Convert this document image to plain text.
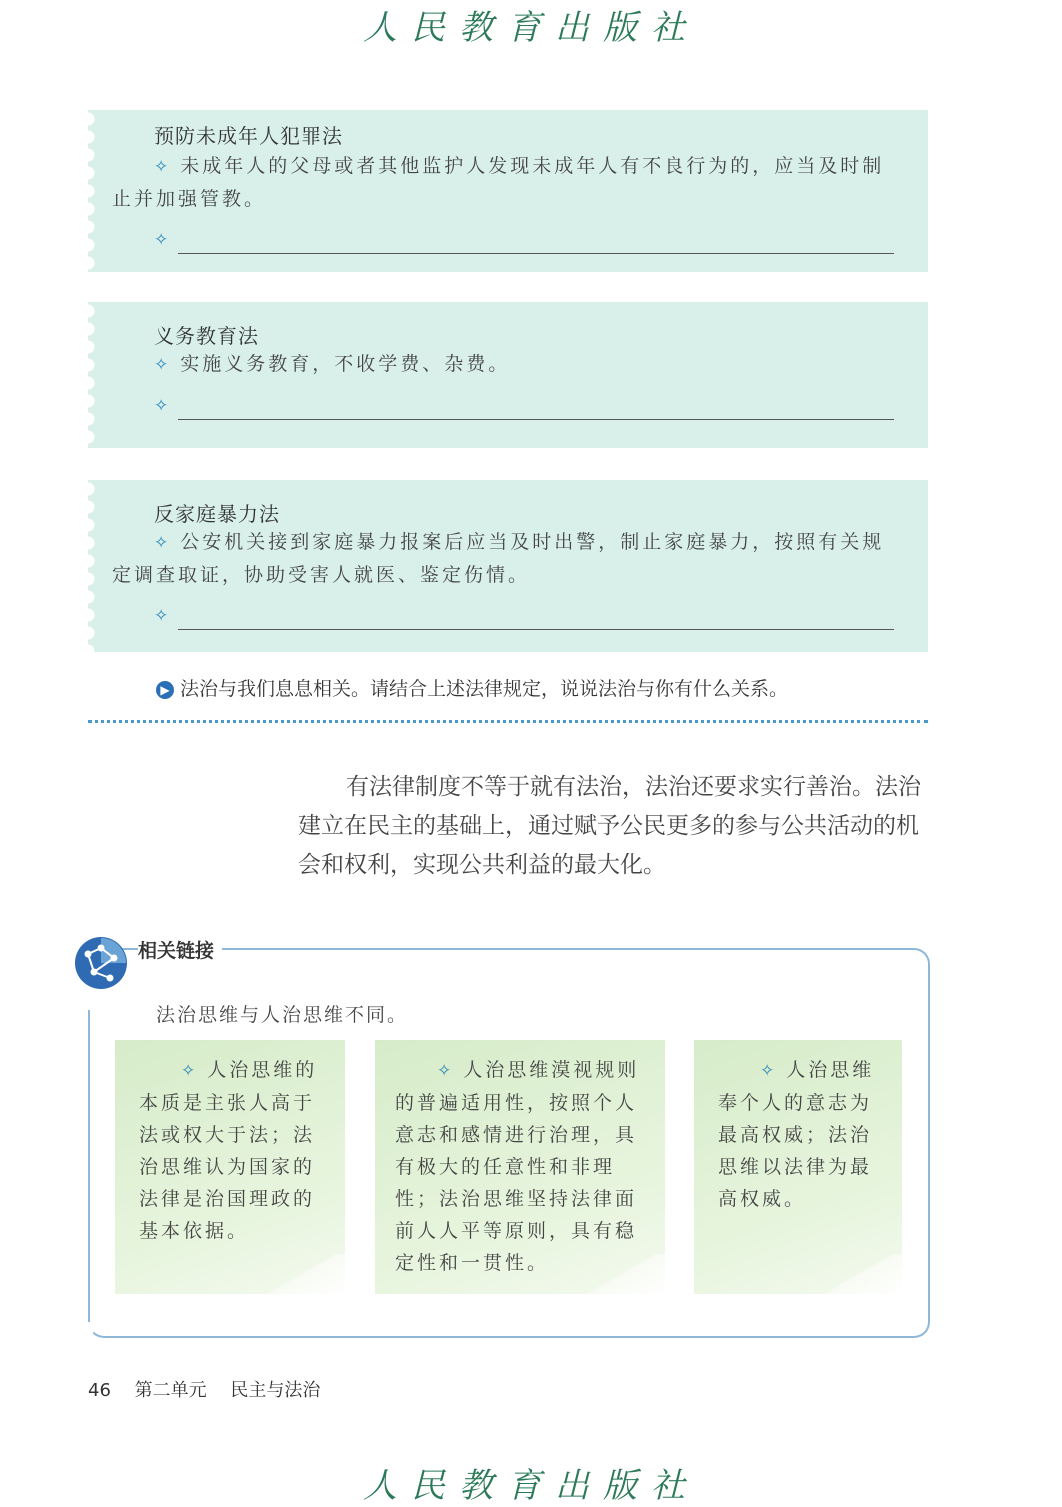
人民教育出版社
预防未成年人犯罪法
✧ 未成年人的父母或者其他监护人发现未成年人有不良行为的，应当及时制止并加强管教。
✧
义务教育法
✧ 实施义务教育，不收学费、杂费。
✧
反家庭暴力法
✧ 公安机关接到家庭暴力报案后应当及时出警，制止家庭暴力，按照有关规定调查取证，协助受害人就医、鉴定伤情。
✧
▶ 法治与我们息息相关。请结合上述法律规定，说说法治与你有什么关系。
有法律制度不等于就有法治，法治还要求实行善治。法治建立在民主的基础上，通过赋予公民更多的参与公共活动的机会和权利，实现公共利益的最大化。
相关链接
法治思维与人治思维不同。
✧ 人治思维的本质是主张人高于法或权大于法；法治思维认为国家的法律是治国理政的基本依据。
✧ 人治思维漠视规则的普遍适用性，按照个人意志和感情进行治理，具有极大的任意性和非理性；法治思维坚持法律面前人人平等原则，具有稳定性和一贯性。
✧ 人治思维奉个人的意志为最高权威；法治思维以法律为最高权威。
46 第二单元 民主与法治
人民教育出版社
